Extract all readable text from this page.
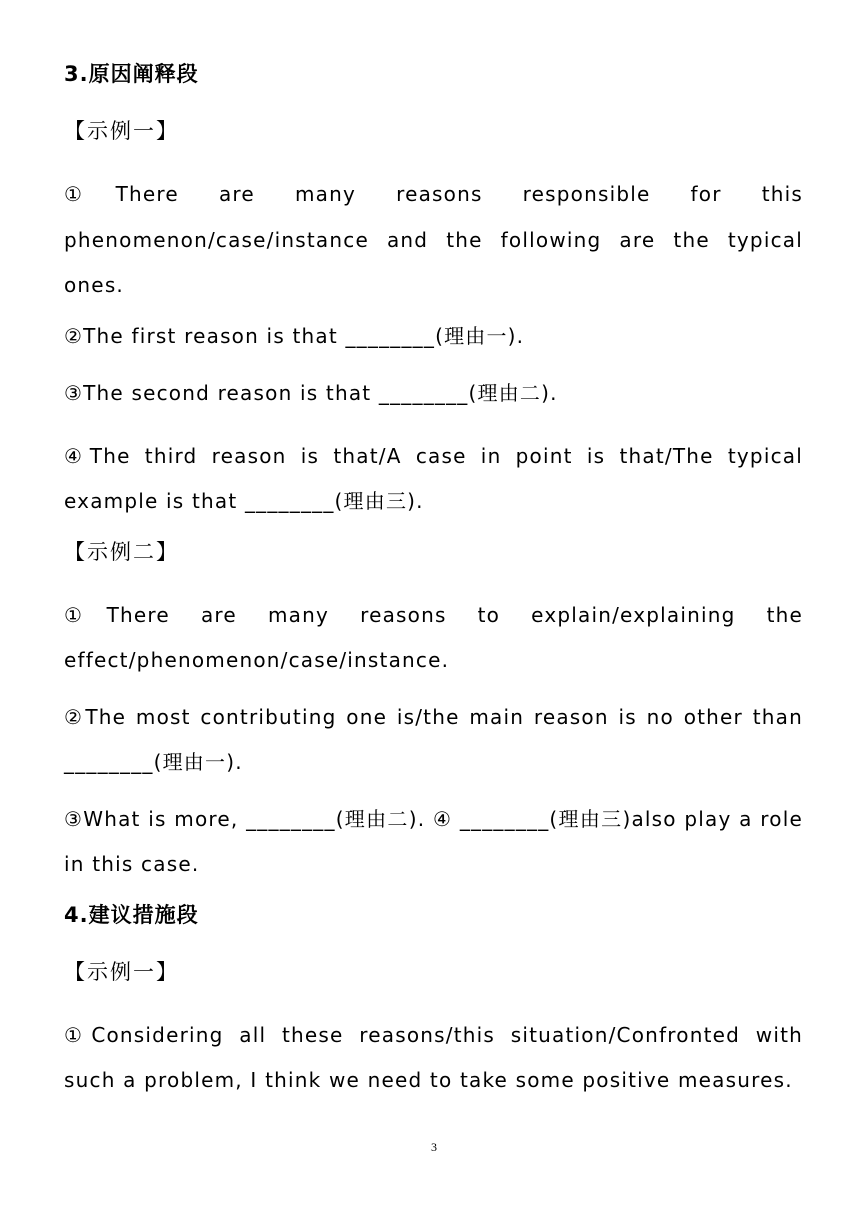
3.原因阐释段
【示例一】
①There are many reasons responsible for this phenomenon/case/instance and the following are the typical ones.
②The first reason is that ________(理由一).
③The second reason is that ________(理由二).
④The third reason is that/A case in point is that/The typical example is that ________(理由三).
【示例二】
①There are many reasons to explain/explaining the effect/phenomenon/case/instance.
②The most contributing one is/the main reason is no other than ________(理由一).
③What is more, ________(理由二). ④ ________(理由三)also play a role in this case.
4.建议措施段
【示例一】
①Considering all these reasons/this situation/Confronted with such a problem, I think we need to take some positive measures.
3
